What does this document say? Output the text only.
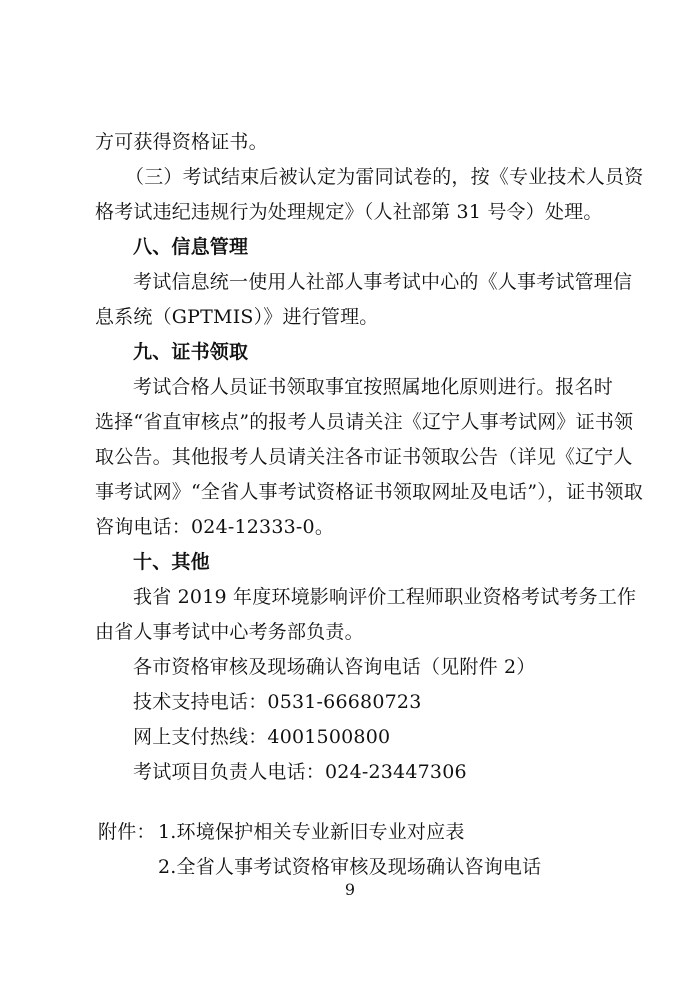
方可获得资格证书。
（三）考试结束后被认定为雷同试卷的，按《专业技术人员资
格考试违纪违规行为处理规定》（人社部第 31 号令）处理。
八、信息管理
考试信息统一使用人社部人事考试中心的《人事考试管理信
息系统（GPTMIS）》进行管理。
九、证书领取
考试合格人员证书领取事宜按照属地化原则进行。报名时
选择“省直审核点”的报考人员请关注《辽宁人事考试网》证书领
取公告。其他报考人员请关注各市证书领取公告（详见《辽宁人
事考试网》“全省人事考试资格证书领取网址及电话”），证书领取
咨询电话：024-12333-0。
十、其他
我省 2019 年度环境影响评价工程师职业资格考试考务工作
由省人事考试中心考务部负责。
各市资格审核及现场确认咨询电话（见附件 2）
技术支持电话：0531-66680723
网上支付热线：4001500800
考试项目负责人电话：024-23447306
附件： 1.环境保护相关专业新旧专业对应表
2.全省人事考试资格审核及现场确认咨询电话
9
